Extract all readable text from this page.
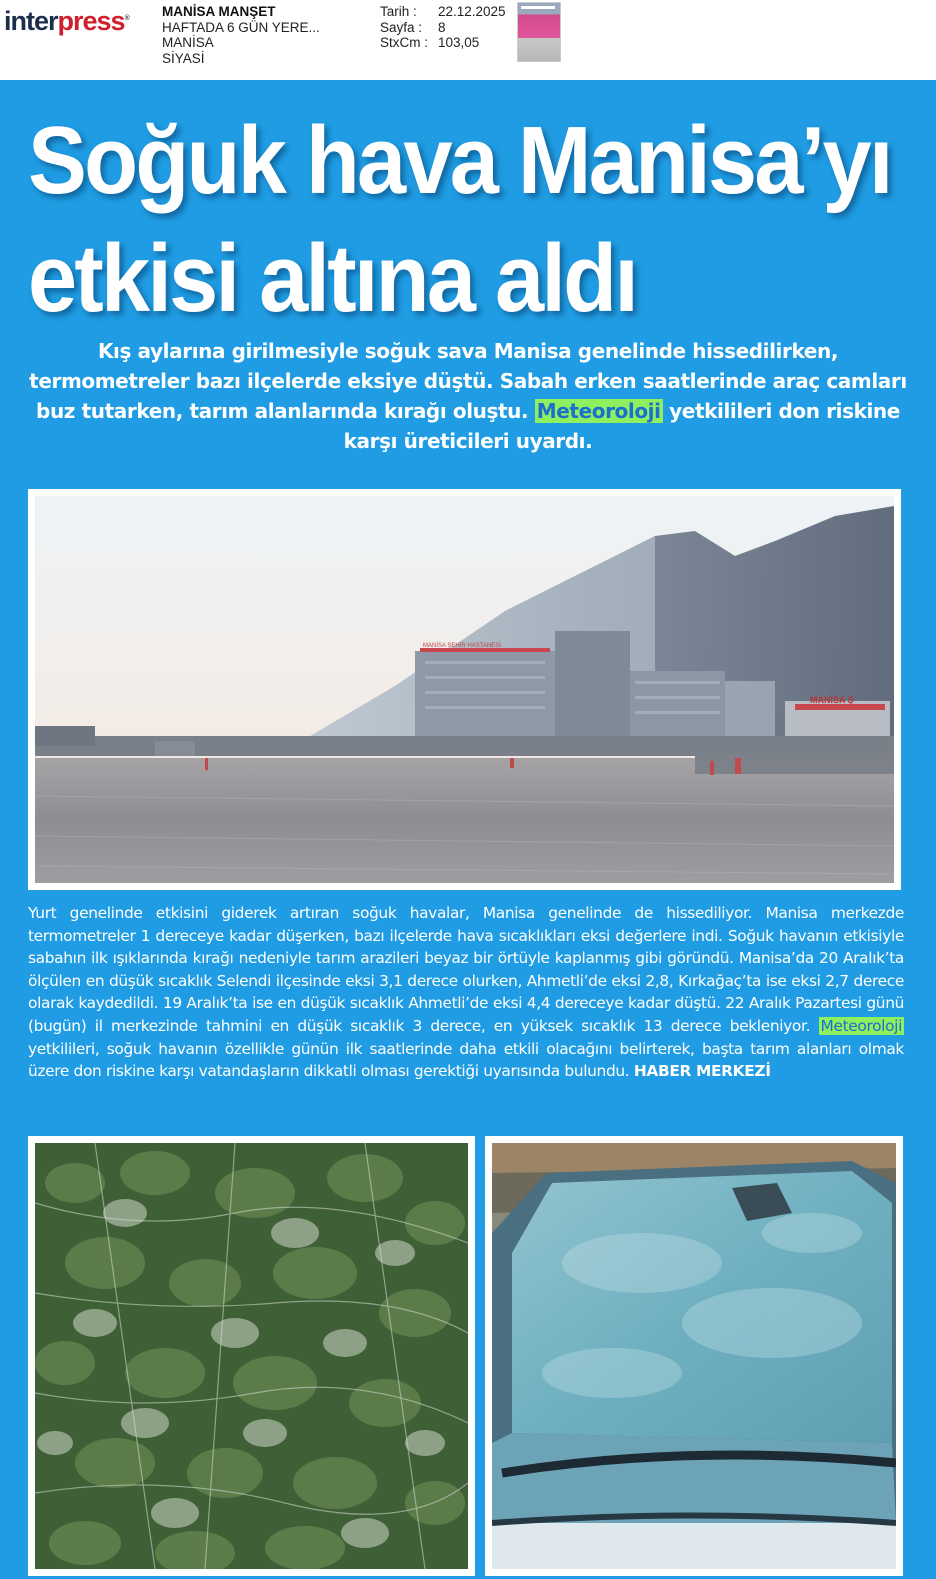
interpress® MANİSA MANŞET
HAFTADA 6 GÜN YERE...
MANİSA
SİYASİ
Tarih :	22.12.2025
Sayfa :	8
StxCm : 103,05
Soğuk hava Manisa’yı
etkisi altına aldı

Kış aylarına girilmesiyle soğuk sava Manisa genelinde hissedilirken, termometreler bazı ilçelerde eksiye düştü. Sabah erken saatlerinde araç camları buz tutarken, tarım alanlarında kırağı oluştu. Meteoroloji yetkilileri don riskine karşı üreticileri uyardı.

MANİSA ŞEHİR HASTANESİ
MANİSA Ş

Yurt genelinde etkisini giderek artıran soğuk havalar, Manisa genelinde de hissediliyor. Manisa merkezde termometreler 1 dereceye kadar düşerken, bazı ilçelerde hava sıcaklıkları eksi değerlere indi. Soğuk havanın etkisiyle sabahın ilk ışıklarında kırağı nedeniyle tarım arazileri beyaz bir örtüyle kaplanmış gibi göründü. Manisa’da 20 Aralık’ta ölçülen en düşük sıcaklık Selendi ilçesinde eksi 3,1 derece olurken, Ahmetli’de eksi 2,8, Kırkağaç’ta ise eksi 2,7 derece olarak kaydedildi. 19 Aralık’ta ise en düşük sıcaklık Ahmetli’de eksi 4,4 dereceye kadar düştü. 22 Aralık Pazartesi günü (bugün) il merkezinde tahmini en düşük sıcaklık 3 derece, en yüksek sıcaklık 13 derece bekleniyor. Meteoroloji yetkilileri, soğuk havanın özellikle günün ilk saatlerinde daha etkili olacağını belirterek, başta tarım alanları olmak üzere don riskine karşı vatandaşların dikkatli olması gerektiği uyarısında bulundu. HABER MERKEZİ
